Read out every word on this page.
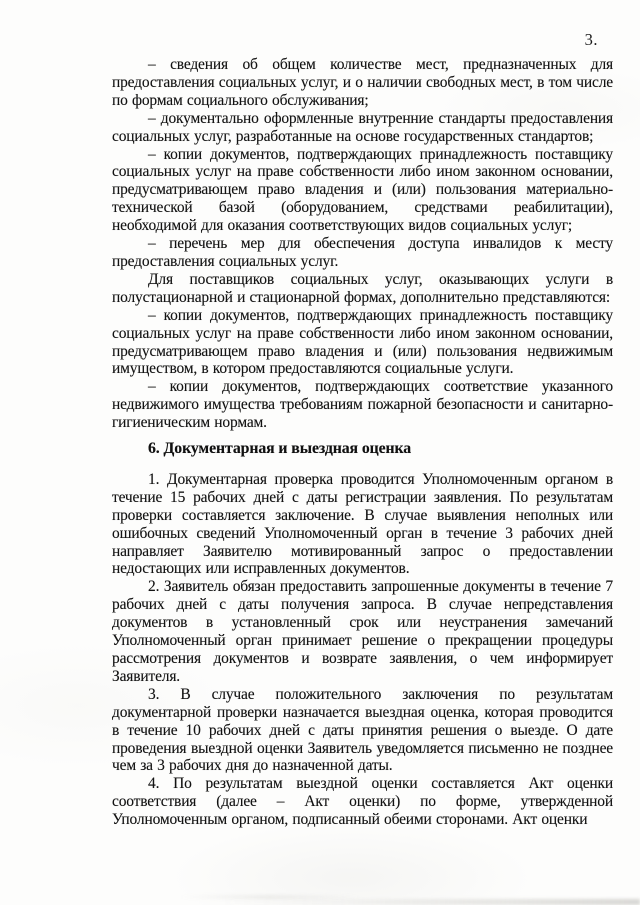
3.

– сведения об общем количестве мест, предназначенных для предоставления социальных услуг, и о наличии свободных мест, в том числе по формам социального обслуживания;

– документально оформленные внутренние стандарты предоставления социальных услуг, разработанные на основе государственных стандартов;

– копии документов, подтверждающих принадлежность поставщику социальных услуг на праве собственности либо ином законном основании, предусматривающем право владения и (или) пользования материально-технической базой (оборудованием, средствами реабилитации), необходимой для оказания соответствующих видов социальных услуг;

– перечень мер для обеспечения доступа инвалидов к месту предоставления социальных услуг.

Для поставщиков социальных услуг, оказывающих услуги в полустационарной и стационарной формах, дополнительно представляются:

– копии документов, подтверждающих принадлежность поставщику социальных услуг на праве собственности либо ином законном основании, предусматривающем право владения и (или) пользования недвижимым имуществом, в котором предоставляются социальные услуги.

– копии документов, подтверждающих соответствие указанного недвижимого имущества требованиям пожарной безопасности и санитарно-гигиеническим нормам.

6. Документарная и выездная оценка

1. Документарная проверка проводится Уполномоченным органом в течение 15 рабочих дней с даты регистрации заявления. По результатам проверки составляется заключение. В случае выявления неполных или ошибочных сведений Уполномоченный орган в течение 3 рабочих дней направляет Заявителю мотивированный запрос о предоставлении недостающих или исправленных документов.

2. Заявитель обязан предоставить запрошенные документы в течение 7 рабочих дней с даты получения запроса. В случае непредставления документов в установленный срок или неустранения замечаний Уполномоченный орган принимает решение о прекращении процедуры рассмотрения документов и возврате заявления, о чем информирует Заявителя.

3. В случае положительного заключения по результатам документарной проверки назначается выездная оценка, которая проводится в течение 10 рабочих дней с даты принятия решения о выезде. О дате проведения выездной оценки Заявитель уведомляется письменно не позднее чем за 3 рабочих дня до назначенной даты.

4. По результатам выездной оценки составляется Акт оценки соответствия (далее – Акт оценки) по форме, утвержденной Уполномоченным органом, подписанный обеими сторонами. Акт оценки
